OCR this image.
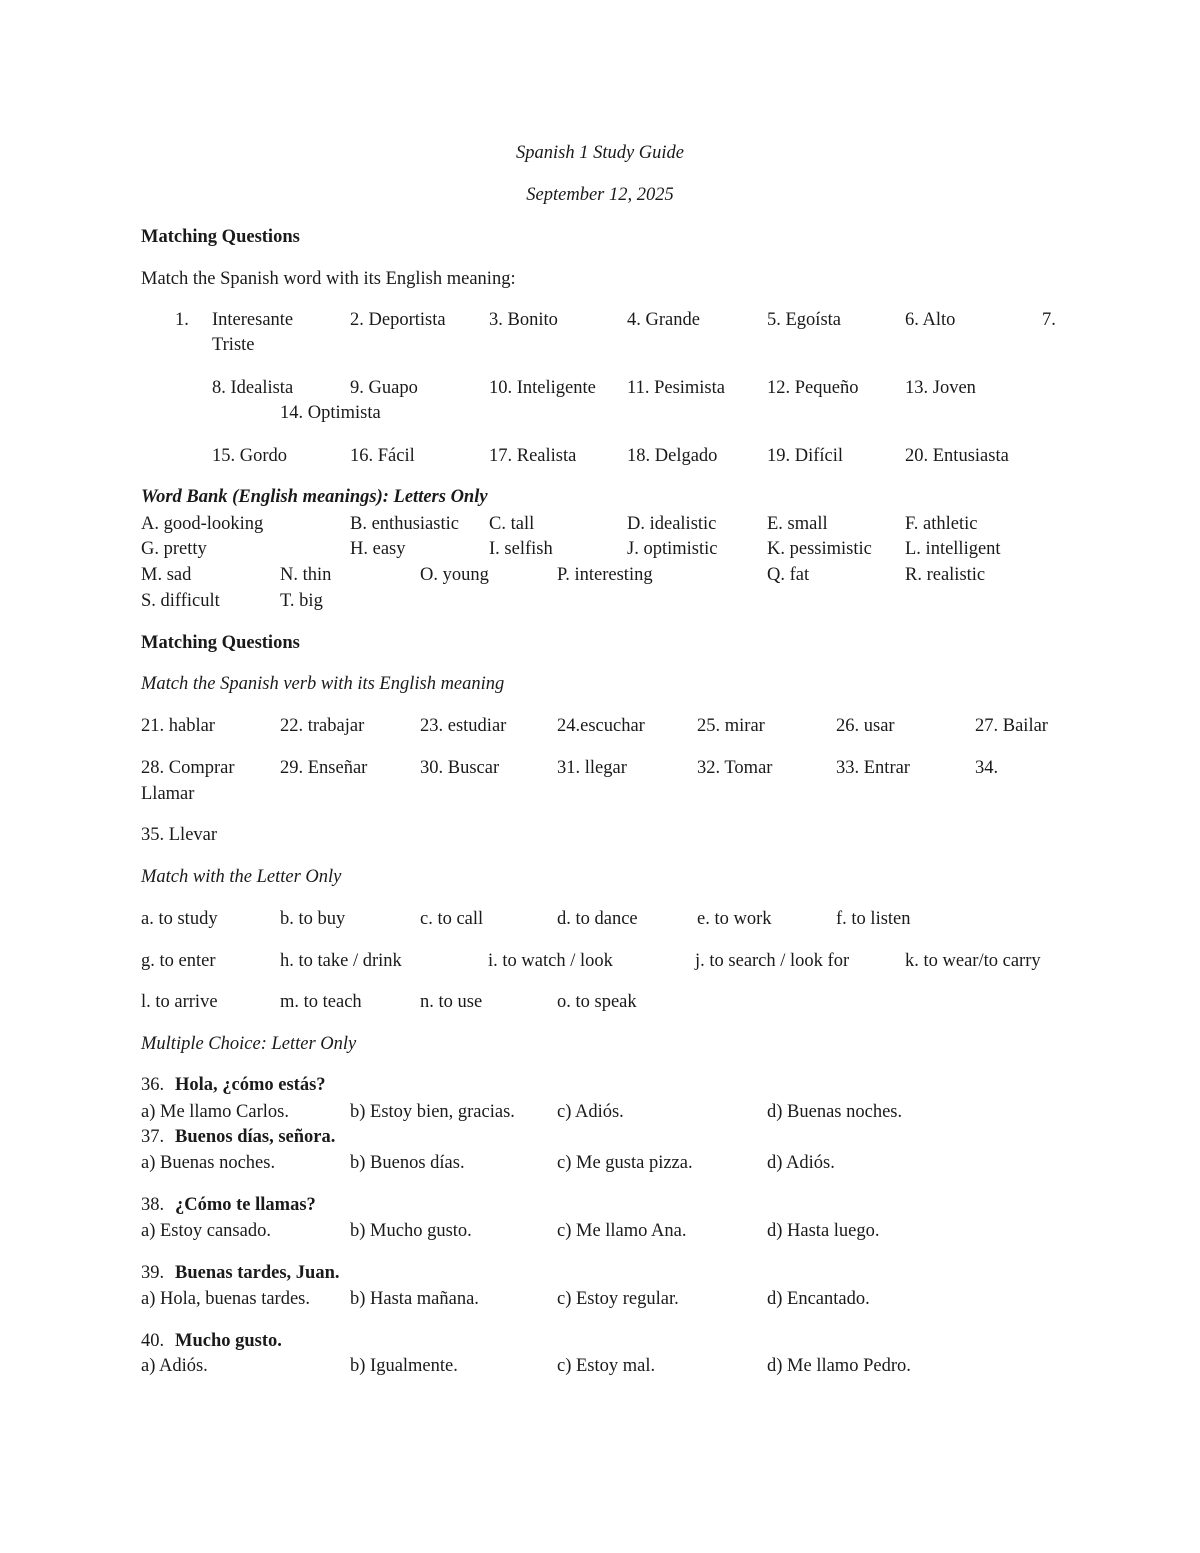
Spanish 1 Study Guide
September 12, 2025
Matching Questions
Match the Spanish word with its English meaning:
1. Interesante	2. Deportista 3. Bonito	4. Grande	5. Egoísta	6. Alto	7.
Triste
8. Idealista	9. Guapo	10. Inteligente 11. Pesimista 12. Pequeño	13. Joven
14. Optimista
15. Gordo	16. Fácil	17. Realista	18. Delgado	19. Difícil	20. Entusiasta
Word Bank (English meanings): Letters Only
A. good-looking	B. enthusiastic C. tall	D. idealistic	E. small	F. athletic
G. pretty	H. easy	I. selfish	J. optimistic	K. pessimistic L. intelligent
M. sad	N. thin	O. young	P. interesting	Q. fat	R. realistic
S. difficult	T. big
Matching Questions
Match the Spanish verb with its English meaning
21. hablar	22. trabajar	23. estudiar	24.escuchar	25. mirar	26. usar	27. Bailar
28. Comprar 29. Enseñar	30. Buscar	31. llegar	32. Tomar	33. Entrar	34.
Llamar
35. Llevar
Match with the Letter Only
a. to study	b. to buy	c. to call	d. to dance	e. to work	f. to listen
g. to enter	h. to take / drink	i. to watch / look	j. to search / look for	k. to wear/to carry
l. to arrive	m. to teach	n. to use	o. to speak
Multiple Choice: Letter Only
36. Hola, ¿cómo estás?
a) Me llamo Carlos.	b) Estoy bien, gracias. c) Adiós.	d) Buenas noches.
37. Buenos días, señora.
a) Buenas noches.	b) Buenos días.	c) Me gusta pizza.	d) Adiós.
38. ¿Cómo te llamas?
a) Estoy cansado.	b) Mucho gusto.	c) Me llamo Ana.	d) Hasta luego.
39. Buenas tardes, Juan.
a) Hola, buenas tardes. b) Hasta mañana.	c) Estoy regular.	d) Encantado.
40. Mucho gusto.
a) Adiós.	b) Igualmente.	c) Estoy mal.	d) Me llamo Pedro.
